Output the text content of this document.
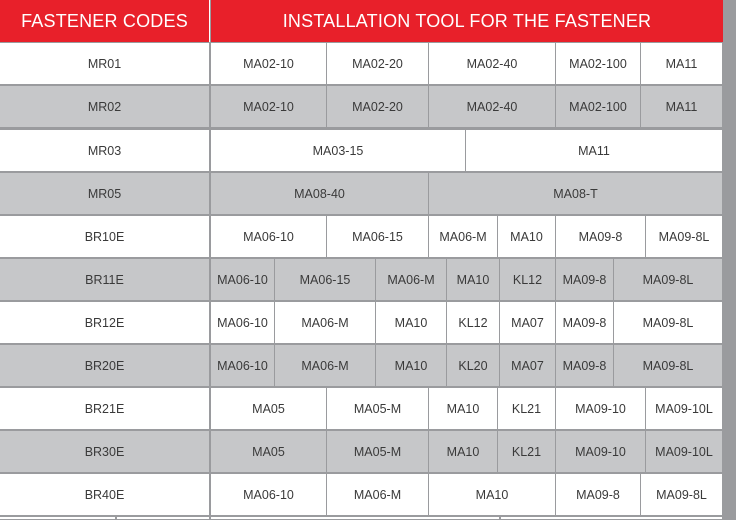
FASTENER CODES	INSTALLATION TOOL FOR THE FASTENER
MR01	MA02-10	MA02-20	MA02-40	MA02-100	MA11
MR02	MA02-10	MA02-20	MA02-40	MA02-100	MA11
MR03	MA03-15	MA11
MR05	MA08-40	MA08-T
BR10E	MA06-10	MA06-15	MA06-M	MA10	MA09-8	MA09-8L
BR11E	MA06-10	MA06-15	MA06-M	MA10	KL12	MA09-8	MA09-8L
BR12E	MA06-10	MA06-M	MA10	KL12	MA07	MA09-8	MA09-8L
BR20E	MA06-10	MA06-M	MA10	KL20	MA07	MA09-8	MA09-8L
BR21E	MA05	MA05-M	MA10	KL21	MA09-10	MA09-10L
BR30E	MA05	MA05-M	MA10	KL21	MA09-10	MA09-10L
BR40E	MA06-10	MA06-M	MA10	MA09-8	MA09-8L
